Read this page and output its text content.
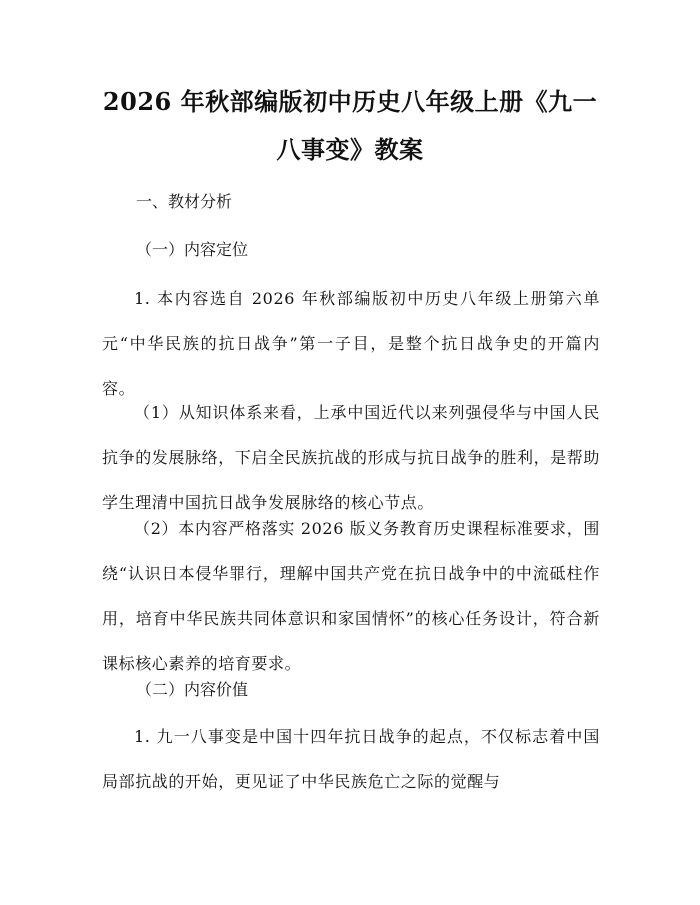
2026 年秋部编版初中历史八年级上册《九一
八事变》教案
一、教材分析
（一）内容定位
1. 本内容选自 2026 年秋部编版初中历史八年级上册第六单元“中华民族的抗日战争”第一子目，是整个抗日战争史的开篇内容。
（1）从知识体系来看，上承中国近代以来列强侵华与中国人民抗争的发展脉络，下启全民族抗战的形成与抗日战争的胜利，是帮助学生理清中国抗日战争发展脉络的核心节点。
（2）本内容严格落实 2026 版义务教育历史课程标准要求，围绕“认识日本侵华罪行，理解中国共产党在抗日战争中的中流砥柱作用，培育中华民族共同体意识和家国情怀”的核心任务设计，符合新课标核心素养的培育要求。
（二）内容价值
1. 九一八事变是中国十四年抗日战争的起点，不仅标志着中国局部抗战的开始，更见证了中华民族危亡之际的觉醒与
